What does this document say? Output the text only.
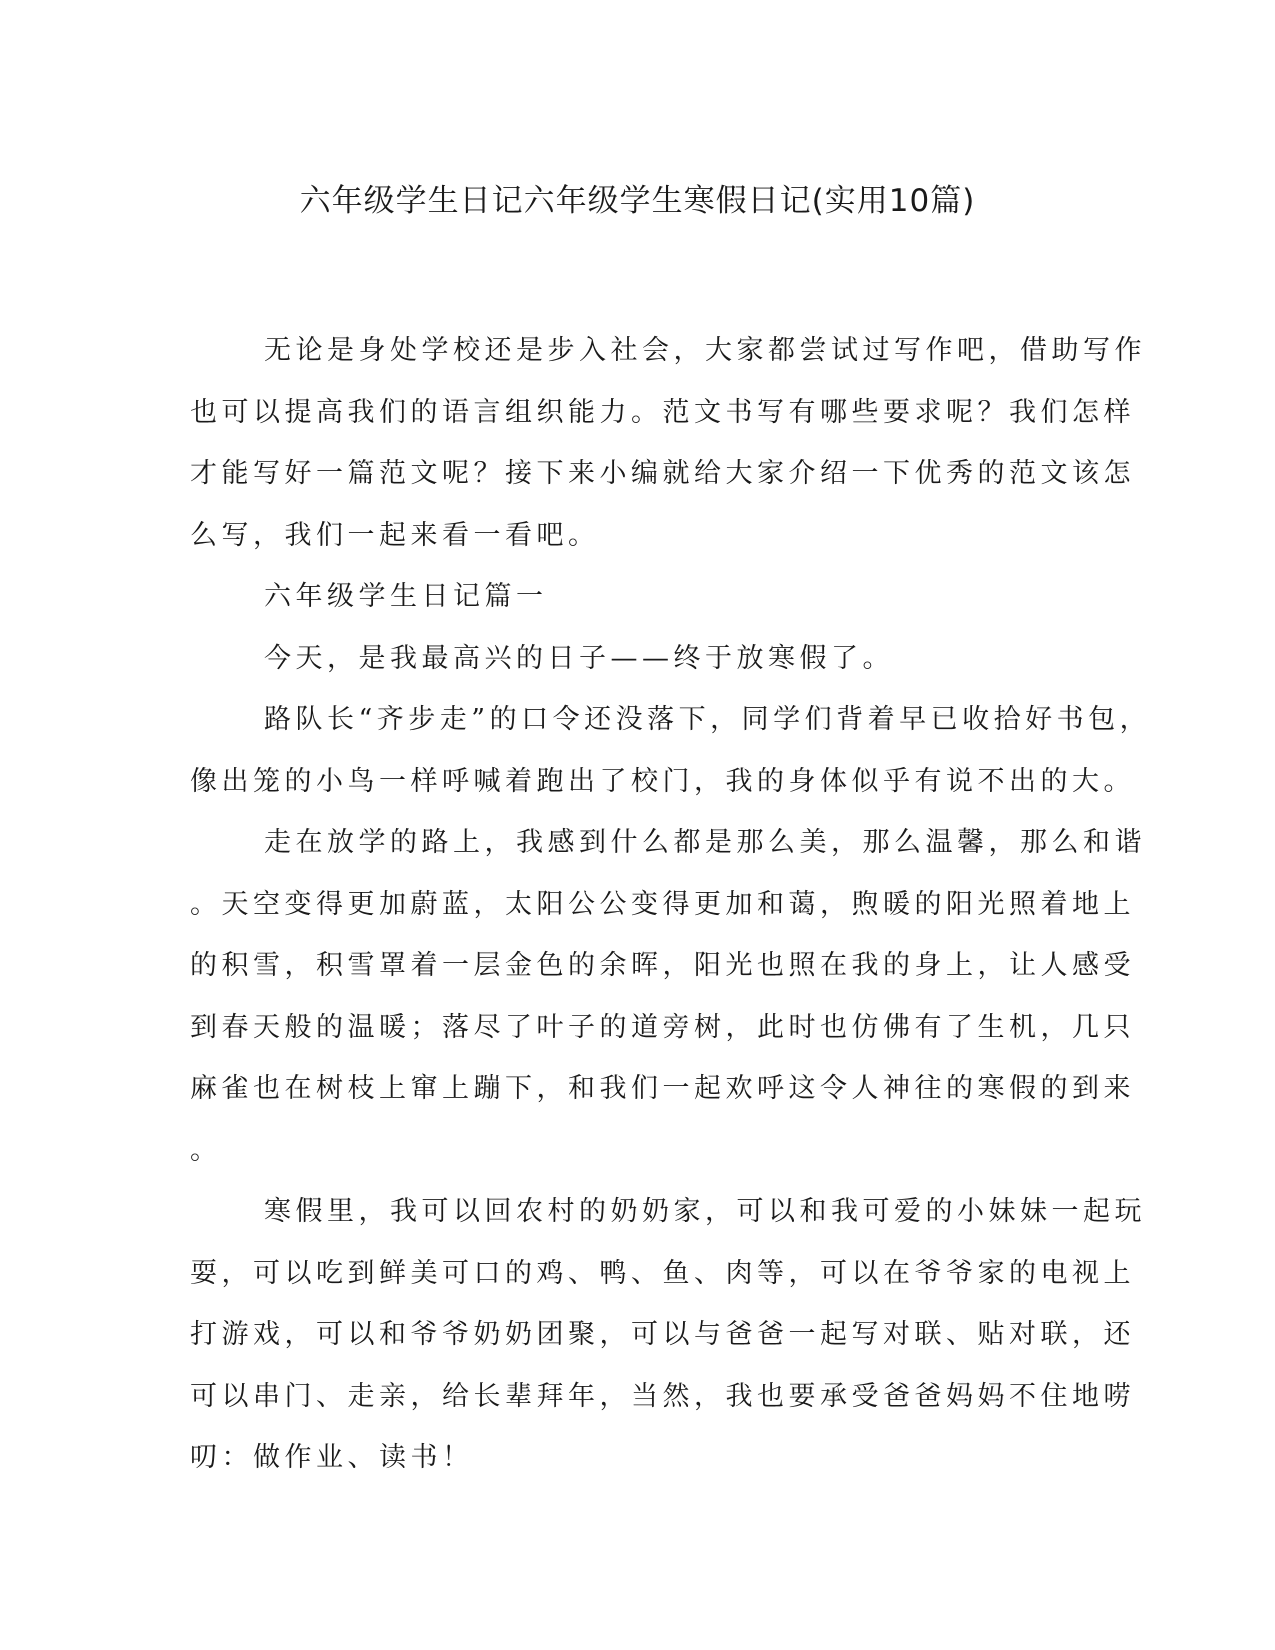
六年级学生日记六年级学生寒假日记(实用10篇)
无论是身处学校还是步入社会，大家都尝试过写作吧，借助写作
也可以提高我们的语言组织能力。范文书写有哪些要求呢？我们怎样
才能写好一篇范文呢？接下来小编就给大家介绍一下优秀的范文该怎
么写，我们一起来看一看吧。
六年级学生日记篇一
今天，是我最高兴的日子——终于放寒假了。
路队长“齐步走”的口令还没落下，同学们背着早已收拾好书包，
像出笼的小鸟一样呼喊着跑出了校门，我的身体似乎有说不出的大。
走在放学的路上，我感到什么都是那么美，那么温馨，那么和谐
。天空变得更加蔚蓝，太阳公公变得更加和蔼，煦暖的阳光照着地上
的积雪，积雪罩着一层金色的余晖，阳光也照在我的身上，让人感受
到春天般的温暖；落尽了叶子的道旁树，此时也仿佛有了生机，几只
麻雀也在树枝上窜上蹦下，和我们一起欢呼这令人神往的寒假的到来
。
寒假里，我可以回农村的奶奶家，可以和我可爱的小妹妹一起玩
耍，可以吃到鲜美可口的鸡、鸭、鱼、肉等，可以在爷爷家的电视上
打游戏，可以和爷爷奶奶团聚，可以与爸爸一起写对联、贴对联，还
可以串门、走亲，给长辈拜年，当然，我也要承受爸爸妈妈不住地唠
叨：做作业、读书！
